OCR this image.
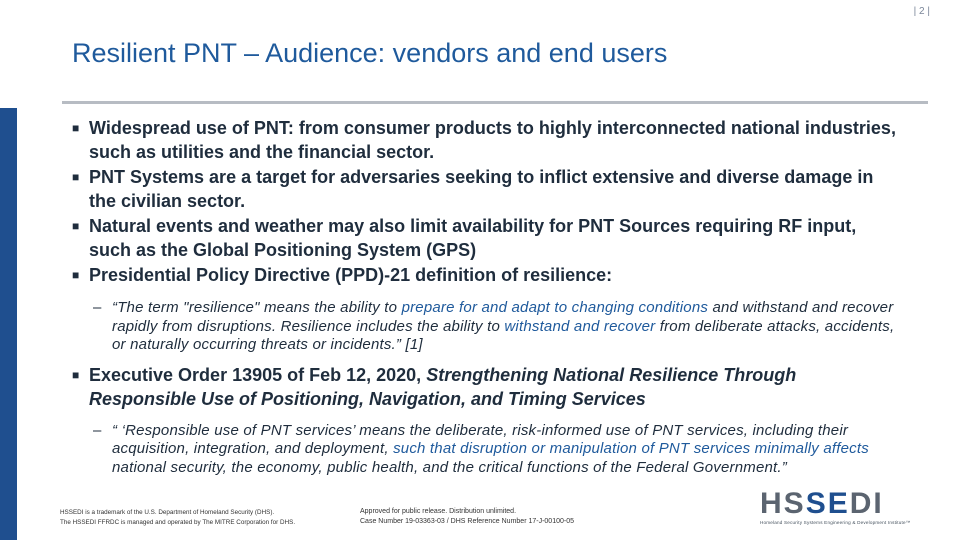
| 2 |
Resilient PNT – Audience: vendors and end users
■ Widespread use of PNT: from consumer products to highly interconnected national industries, such as utilities and the financial sector.
■ PNT Systems are a target for adversaries seeking to inflict extensive and diverse damage in the civilian sector.
■ Natural events and weather may also limit availability for PNT Sources requiring RF input, such as the Global Positioning System (GPS)
■ Presidential Policy Directive (PPD)-21 definition of resilience:
– “The term "resilience" means the ability to prepare for and adapt to changing conditions and withstand and recover rapidly from disruptions. Resilience includes the ability to withstand and recover from deliberate attacks, accidents, or naturally occurring threats or incidents.” [1]
■ Executive Order 13905 of Feb 12, 2020, Strengthening National Resilience Through Responsible Use of Positioning, Navigation, and Timing Services
– “ ‘Responsible use of PNT services’ means the deliberate, risk-informed use of PNT services, including their acquisition, integration, and deployment, such that disruption or manipulation of PNT services minimally affects national security, the economy, public health, and the critical functions of the Federal Government.”
HSSEDI is a trademark of the U.S. Department of Homeland Security (DHS).
The HSSEDI FFRDC is managed and operated by The MITRE Corporation for DHS.
Approved for public release. Distribution unlimited.
Case Number 19-03363-03 / DHS Reference Number 17-J-00100-05
HSSEDI
Homeland Security Systems Engineering & Development Institute™
